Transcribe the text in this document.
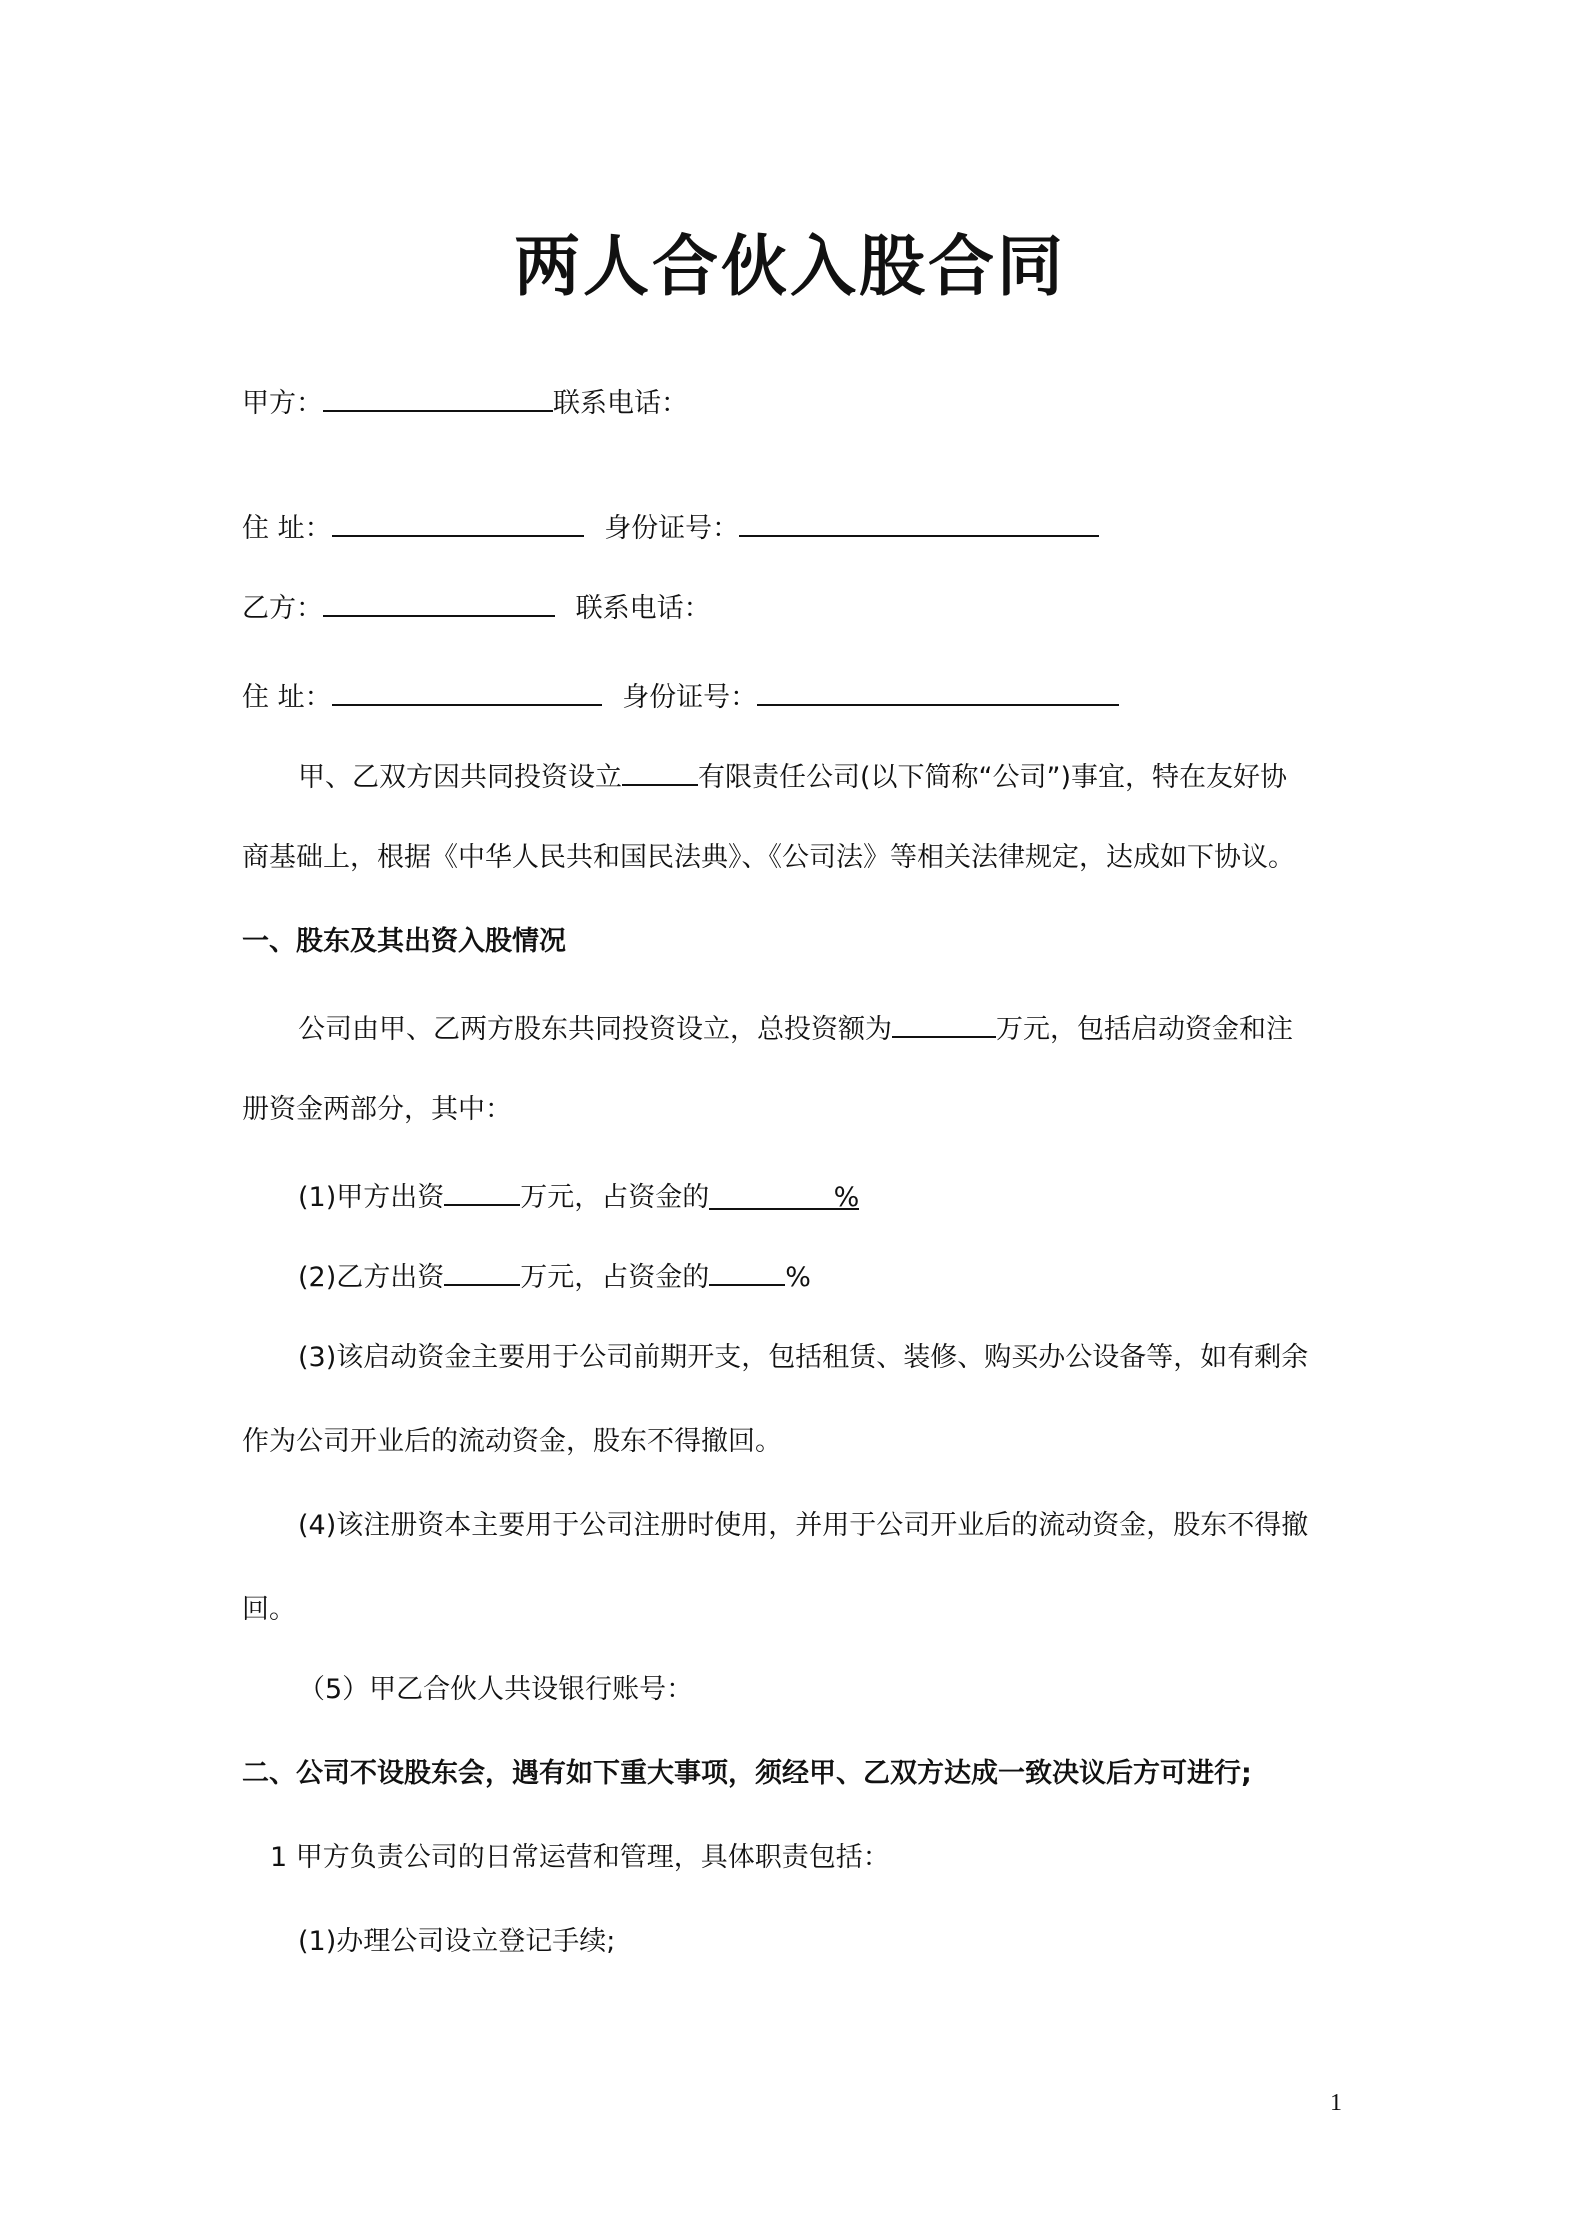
两人合伙入股合同
甲方：	联系电话：
住 址：	身份证号：
乙方：	联系电话：
住 址：	身份证号：
甲、乙双方因共同投资设立	有限责任公司(以下简称“公司”)事宜，特在友好协
商基础上，根据《中华人民共和国民法典》、《公司法》等相关法律规定，达成如下协议。
一、股东及其出资入股情况
公司由甲、乙两方股东共同投资设立，总投资额为	万元，包括启动资金和注
册资金两部分，其中：
(1)甲方出资	万元，占资金的	%
(2)乙方出资	万元，占资金的	%
(3)该启动资金主要用于公司前期开支，包括租赁、装修、购买办公设备等，如有剩余
作为公司开业后的流动资金，股东不得撤回。
(4)该注册资本主要用于公司注册时使用，并用于公司开业后的流动资金，股东不得撤
回。
（5）甲乙合伙人共设银行账号：
二、公司不设股东会，遇有如下重大事项，须经甲、乙双方达成一致决议后方可进行;
1 甲方负责公司的日常运营和管理，具体职责包括：
(1)办理公司设立登记手续;
1
